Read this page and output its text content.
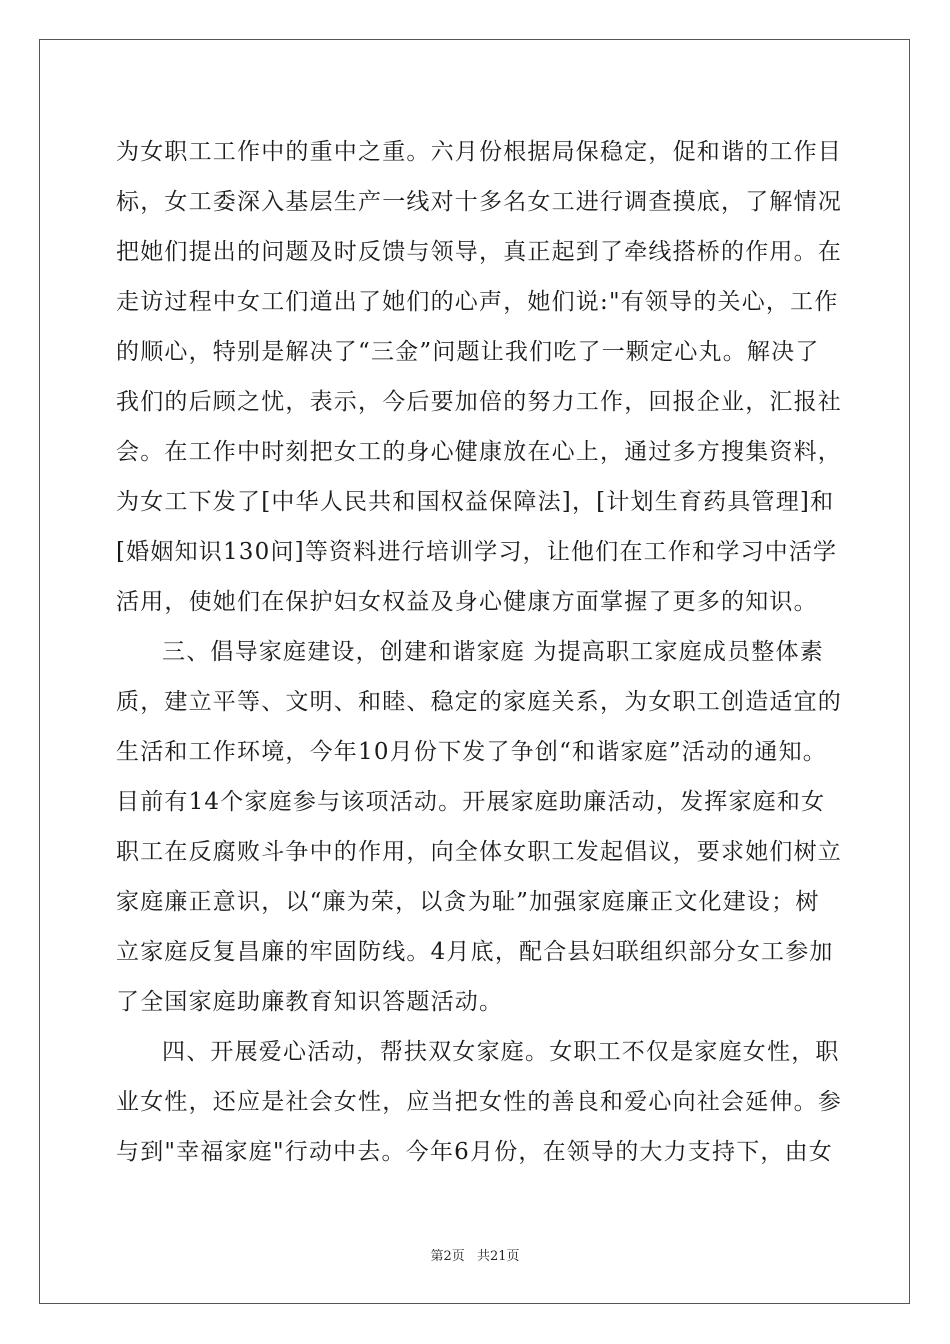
为女职工工作中的重中之重。六月份根据局保稳定，促和谐的工作目
标，女工委深入基层生产一线对十多名女工进行调查摸底，了解情况
把她们提出的问题及时反馈与领导，真正起到了牵线搭桥的作用。在
走访过程中女工们道出了她们的心声，她们说:"有领导的关心，工作
的顺心，特别是解决了“三金”问题让我们吃了一颗定心丸。解决了
我们的后顾之忧，表示，今后要加倍的努力工作，回报企业，汇报社
会。在工作中时刻把女工的身心健康放在心上，通过多方搜集资料，
为女工下发了[中华人民共和国权益保障法]，[计划生育药具管理]和
[婚姻知识130问]等资料进行培训学习，让他们在工作和学习中活学
活用，使她们在保护妇女权益及身心健康方面掌握了更多的知识。
三、倡导家庭建设，创建和谐家庭 为提高职工家庭成员整体素
质，建立平等、文明、和睦、稳定的家庭关系，为女职工创造适宜的
生活和工作环境，今年10月份下发了争创“和谐家庭”活动的通知。
目前有14个家庭参与该项活动。开展家庭助廉活动，发挥家庭和女
职工在反腐败斗争中的作用，向全体女职工发起倡议，要求她们树立
家庭廉正意识，以“廉为荣，以贪为耻”加强家庭廉正文化建设；树
立家庭反复昌廉的牢固防线。4月底，配合县妇联组织部分女工参加
了全国家庭助廉教育知识答题活动。
四、开展爱心活动，帮扶双女家庭。女职工不仅是家庭女性，职
业女性，还应是社会女性，应当把女性的善良和爱心向社会延伸。参
与到"幸福家庭"行动中去。今年6月份，在领导的大力支持下，由女
第2页 共21页
